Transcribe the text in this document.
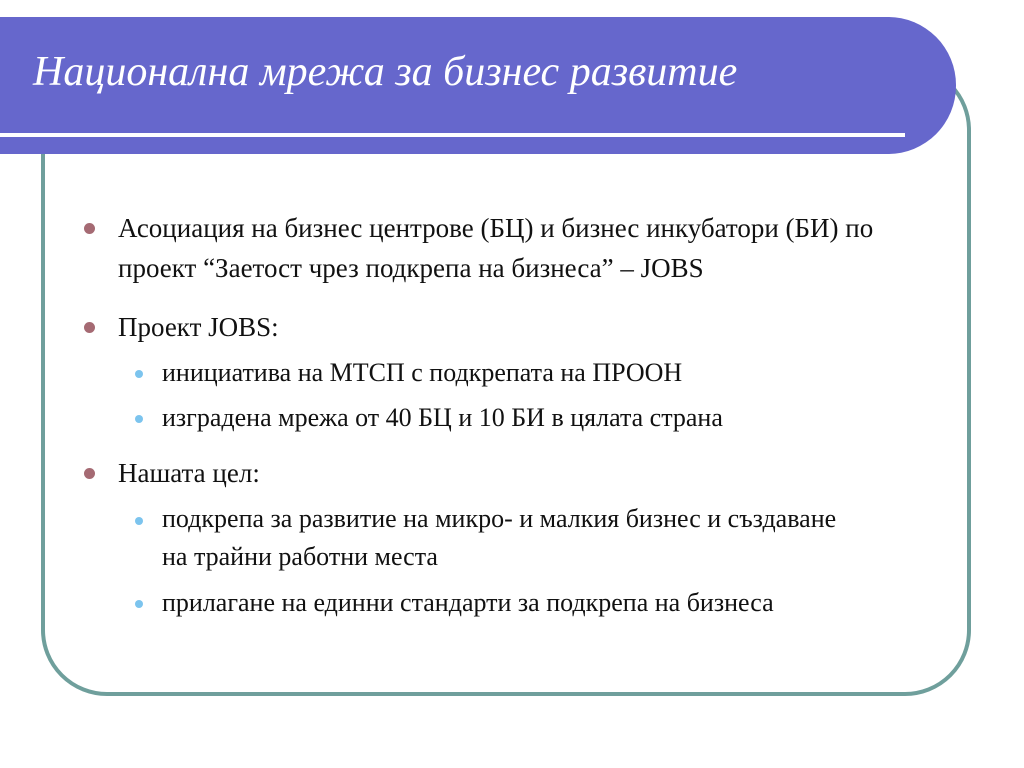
Национална мрежа за бизнес развитие
Асоциация на бизнес центрове (БЦ) и бизнес инкубатори (БИ) по проект “Заетост чрез подкрепа на бизнеса” – JOBS
Проект JOBS:
инициатива на МТСП с подкрепата на ПРООН
изградена мрежа от 40 БЦ и 10 БИ в цялата страна
Нашата цел:
подкрепа за развитие на микро- и малкия бизнес и създаване на трайни работни места
прилагане на единни стандарти за подкрепа на бизнеса
